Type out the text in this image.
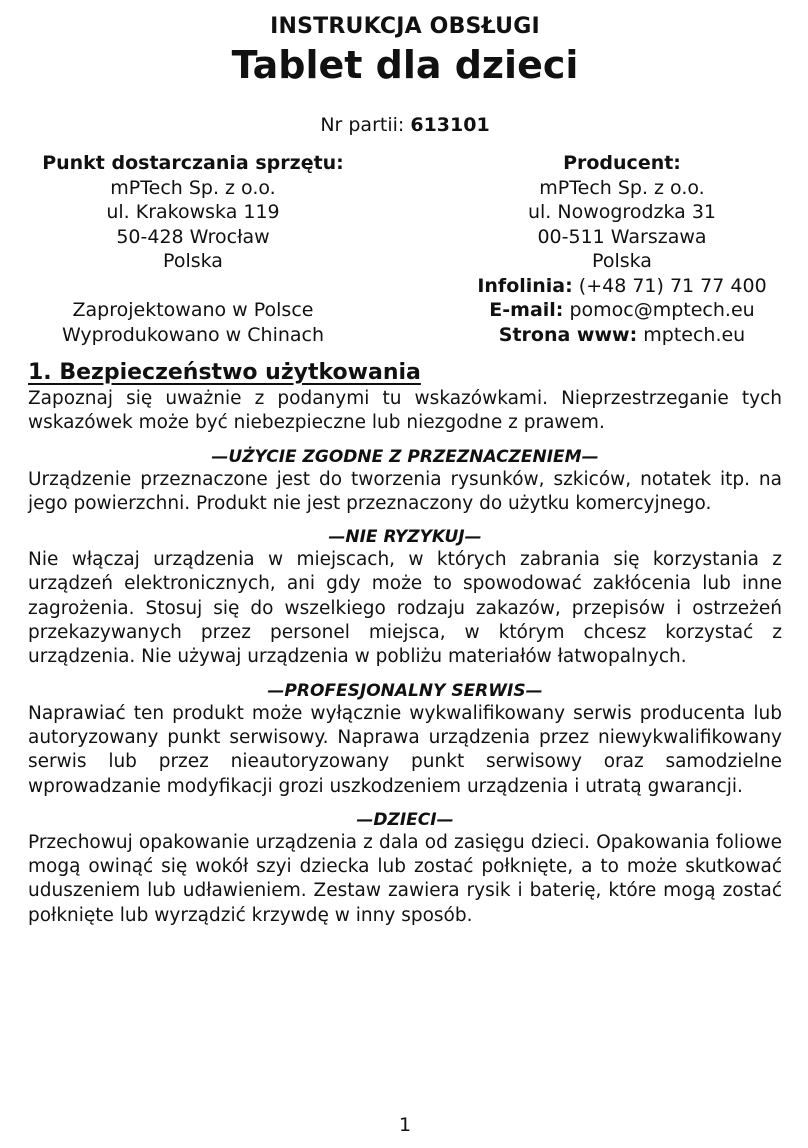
INSTRUKCJA OBSŁUGI
Tablet dla dzieci
Nr partii: 613101
Punkt dostarczania sprzętu:
mPTech Sp. z o.o.
ul. Krakowska 119
50-428 Wrocław
Polska
Zaprojektowano w Polsce
Wyprodukowano w Chinach
Producent:
mPTech Sp. z o.o.
ul. Nowogrodzka 31
00-511 Warszawa
Polska
Infolinia: (+48 71) 71 77 400
E-mail: pomoc@mptech.eu
Strona www: mptech.eu
1. Bezpieczeństwo użytkowania

Zapoznaj się uważnie z podanymi tu wskazówkami. Nieprzestrzeganie tych wskazówek może być niebezpieczne lub niezgodne z prawem.

—UŻYCIE ZGODNE Z PRZEZNACZENIEM—

Urządzenie przeznaczone jest do tworzenia rysunków, szkiców, notatek itp. na jego powierzchni. Produkt nie jest przeznaczony do użytku komercyjnego.

—NIE RYZYKUJ—

Nie włączaj urządzenia w miejscach, w których zabrania się korzystania z urządzeń elektronicznych, ani gdy może to spowodować zakłócenia lub inne zagrożenia. Stosuj się do wszelkiego rodzaju zakazów, przepisów i ostrzeżeń przekazywanych przez personel miejsca, w którym chcesz korzystać z urządzenia. Nie używaj urządzenia w pobliżu materiałów łatwopalnych.

—PROFESJONALNY SERWIS—

Naprawiać ten produkt może wyłącznie wykwalifikowany serwis producenta lub autoryzowany punkt serwisowy. Naprawa urządzenia przez niewykwalifikowany serwis lub przez nieautoryzowany punkt serwisowy oraz samodzielne wprowadzanie modyfikacji grozi uszkodzeniem urządzenia i utratą gwarancji.

—DZIECI—

Przechowuj opakowanie urządzenia z dala od zasięgu dzieci. Opakowania foliowe mogą owinąć się wokół szyi dziecka lub zostać połknięte, a to może skutkować uduszeniem lub udławieniem. Zestaw zawiera rysik i baterię, które mogą zostać połknięte lub wyrządzić krzywdę w inny sposób.

1
